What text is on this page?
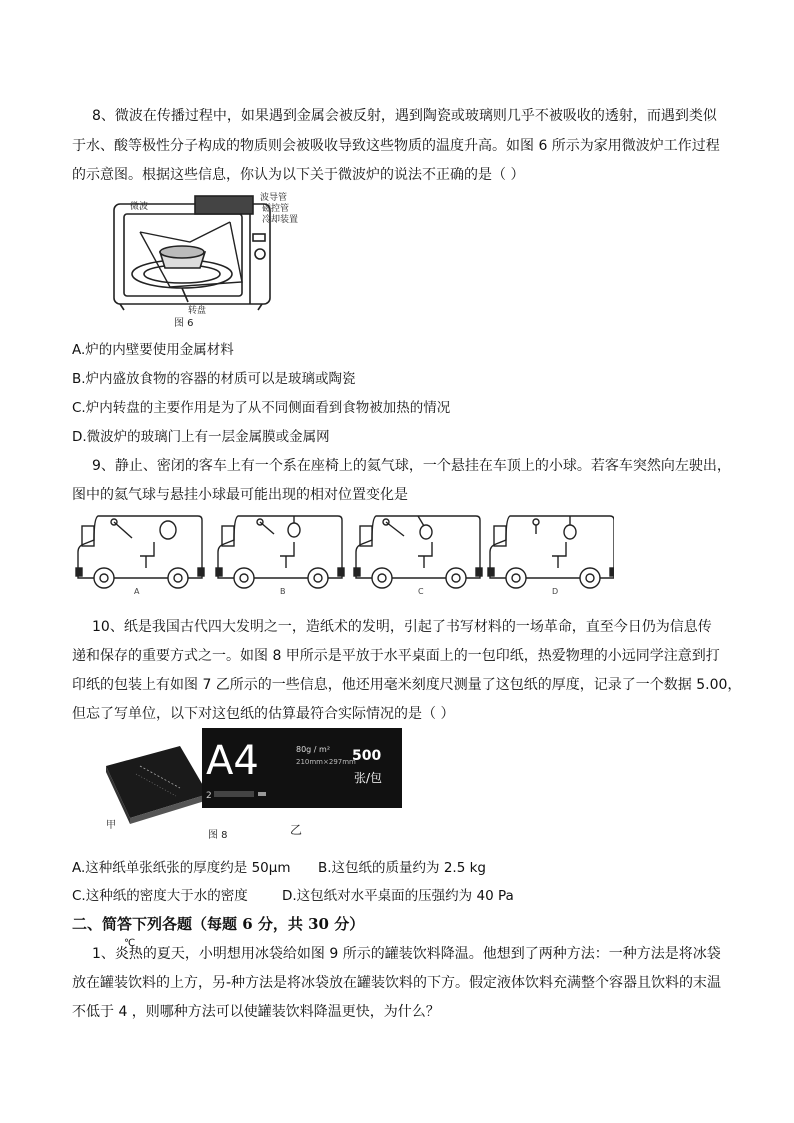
8、微波在传播过程中，如果遇到金属会被反射，遇到陶瓷或玻璃则几乎不被吸收的透射，而遇到类似
于水、酸等极性分子构成的物质则会被吸收导致这些物质的温度升高。如图 6 所示为家用微波炉工作过程
的示意图。根据这些信息，你认为以下关于微波炉的说法不正确的是（ ）
微波
波导管
磁控管
冷却装置
转盘
图 6
A.炉的内壁要使用金属材料
B.炉内盛放食物的容器的材质可以是玻璃或陶瓷
C.炉内转盘的主要作用是为了从不同侧面看到食物被加热的情况
D.微波炉的玻璃门上有一层金属膜或金属网
9、静止、密闭的客车上有一个系在座椅上的氦气球，一个悬挂在车顶上的小球。若客车突然向左驶出，
图中的氦气球与悬挂小球最可能出现的相对位置变化是
A	B	C	D
10、纸是我国古代四大发明之一，造纸术的发明，引起了书写材料的一场革命，直至今日仍为信息传
递和保存的重要方式之一。如图 8 甲所示是平放于水平桌面上的一包印纸，热爱物理的小远同学注意到打
印纸的包装上有如图 7 乙所示的一些信息，他还用毫米刻度尺测量了这包纸的厚度，记录了一个数据 5.00，
但忘了写单位，以下对这包纸的估算最符合实际情况的是（ ）
A4	80g / m²
210mm×297mm
500
张/包
2
甲
图 8	乙
A.这种纸单张纸张的厚度约是 50μm B.这包纸的质量约为 2.5 kg
C.这种纸的密度大于水的密度	D.这包纸对水平桌面的压强约为 40 Pa
二、简答下列各题（每题 6 分，共 30 分）
1、炎热的夏天，小明想用冰袋给如图 9 所示的罐装饮料降温。他想到了两种方法：一种方法是将冰袋
℃
放在罐装饮料的上方，另-种方法是将冰袋放在罐装饮料的下方。假定液体饮料充满整个容器且饮料的末温
不低于 4 ，则哪种方法可以使罐装饮料降温更快，为什么？
